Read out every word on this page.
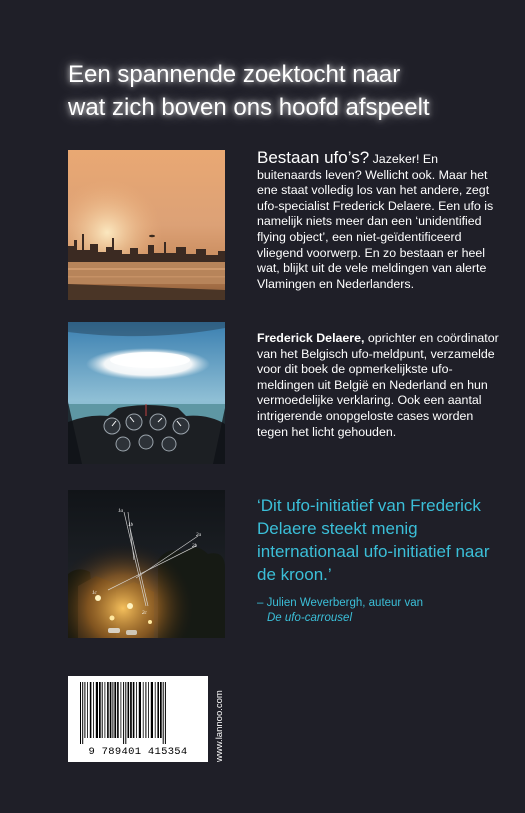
Een spannende zoektocht naar
wat zich boven ons hoofd afspeelt
1a
1b
2a
2b
1c
2c
Bestaan ufo’s? Jazeker! En buitenaards leven? Wellicht ook. Maar het ene staat volledig los van het andere, zegt ufo-specialist Frederick Delaere. Een ufo is namelijk niets meer dan een ‘unidentified flying object’, een niet-geïdentificeerd vliegend voorwerp. En zo bestaan er heel wat, blijkt uit de vele meldingen van alerte Vlamingen en Nederlanders.
Frederick Delaere, oprichter en coördinator van het Belgisch ufo-meldpunt, verzamelde voor dit boek de opmerkelijkste ufo-meldingen uit België en Nederland en hun vermoedelijke verklaring. Ook een aantal intrigerende onopgeloste cases worden tegen het licht gehouden.
‘Dit ufo-initiatief van Frederick Delaere steekt menig internationaal ufo-initiatief naar de kroon.’
– Julien Weverbergh, auteur van
De ufo-carrousel
9 789401 415354	www.lannoo.com
